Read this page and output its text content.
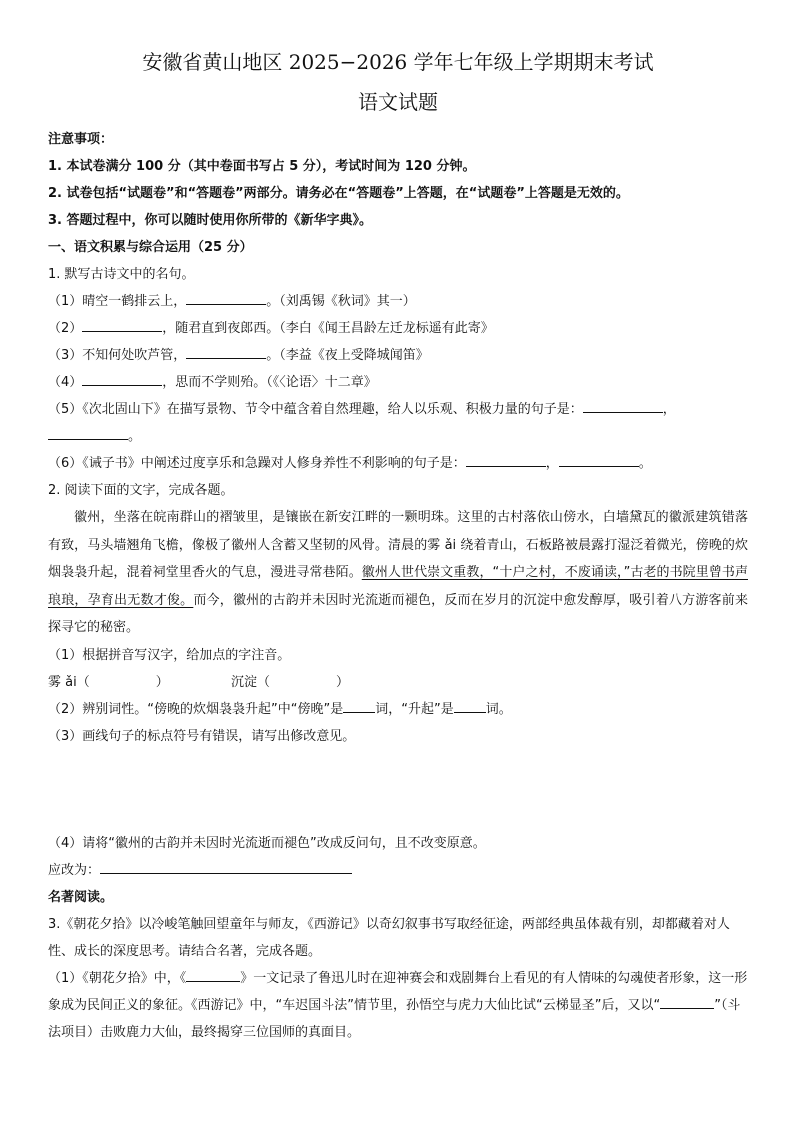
安徽省黄山地区 2025−2026 学年七年级上学期期末考试
语文试题
注意事项：
1. 本试卷满分 100 分（其中卷面书写占 5 分），考试时间为 120 分钟。
2. 试卷包括“试题卷”和“答题卷”两部分。请务必在“答题卷”上答题，在“试题卷”上答题是无效的。
3. 答题过程中，你可以随时使用你所带的《新华字典》。
一、语文积累与综合运用（25 分）
1. 默写古诗文中的名句。
（1）晴空一鹤排云上，	。（刘禹锡《秋词》其一）
（2）	，随君直到夜郎西。（李白《闻王昌龄左迁龙标遥有此寄》
（3）不知何处吹芦管，	。（李益《夜上受降城闻笛》
（4）	，思而不学则殆。（《〈论语〉十二章》
（5）《次北固山下》在描写景物、节令中蕴含着自然理趣，给人以乐观、积极力量的句子是：	，
。
（6）《诫子书》中阐述过度享乐和急躁对人修身养性不利影响的句子是：	，	。
2. 阅读下面的文字，完成各题。
徽州，坐落在皖南群山的褶皱里，是镶嵌在新安江畔的一颗明珠。这里的古村落依山傍水，白墙黛瓦的徽派建筑错落有致，马头墙翘角飞檐，像极了徽州人含蓄又坚韧的风骨。清晨的雾 ǎi 绕着青山，石板路被晨露打湿泛着微光，傍晚的炊烟袅袅升起，混着祠堂里香火的气息，漫进寻常巷陌。徽州人世代崇文重教，“十户之村，不废诵读，”古老的书院里曾书声琅琅，孕育出无数才俊。而今，徽州的古韵并未因时光流逝而褪色，反而在岁月的沉淀中愈发醇厚，吸引着八方游客前来探寻它的秘密。
（1）根据拼音写汉字，给加点的字注音。
雾 ǎi（	）	沉淀（	）
（2）辨别词性。“傍晚的炊烟袅袅升起”中“傍晚”是 词，“升起”是 词。
（3）画线句子的标点符号有错误，请写出修改意见。
（4）请将“徽州的古韵并未因时光流逝而褪色”改成反问句，且不改变原意。
应改为：
名著阅读。
3.《朝花夕拾》以冷峻笔触回望童年与师友，《西游记》以奇幻叙事书写取经征途，两部经典虽体裁有别，却都藏着对人性、成长的深度思考。请结合名著，完成各题。
（1）《朝花夕拾》中，《	》一文记录了鲁迅儿时在迎神赛会和戏剧舞台上看见的有人情味的勾魂使者形象，这一形象成为民间正义的象征。《西游记》中，“车迟国斗法”情节里，孙悟空与虎力大仙比试“云梯显圣”后，又以“	”（斗法项目）击败鹿力大仙，最终揭穿三位国师的真面目。
